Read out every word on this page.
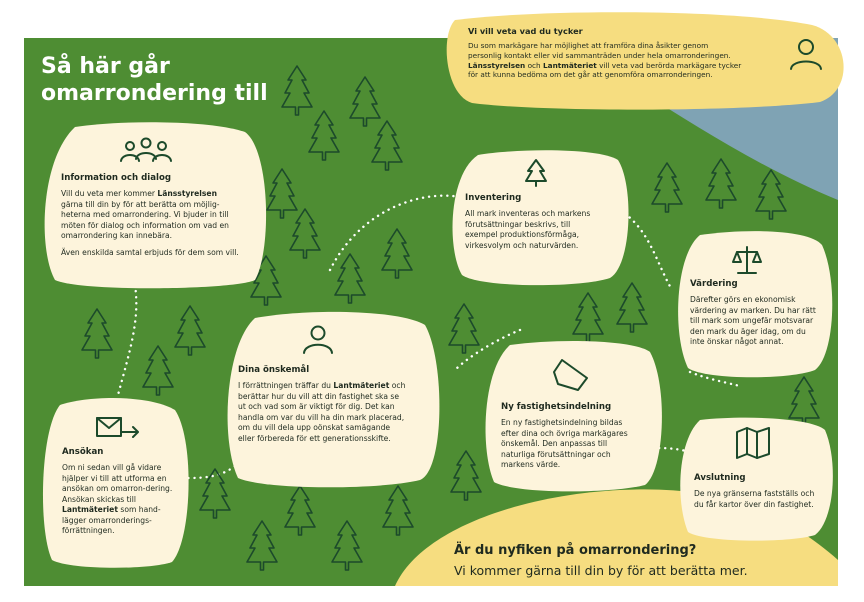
Så här går
omarrondering till
Vi vill veta vad du tycker

Du som markägare har möjlighet att framföra dina åsikter genom
personlig kontakt eller vid sammanträden under hela omarronderingen.
Länsstyrelsen och Lantmäteriet vill veta vad berörda markägare tycker
för att kunna bedöma om det går att genomföra omarronderingen.

Information och dialog

Vill du veta mer kommer Länsstyrelsen gärna till din by för att berätta om möjlig-heterna med omarrondering. Vi bjuder in till möten för dialog och information om vad en omarrondering kan innebära.

Även enskilda samtal erbjuds för dem som vill.

Ansökan

Om ni sedan vill gå vidare hjälper vi till att utforma en ansökan om omarron-dering. Ansökan skickas till Lantmäteriet som hand-lägger omarronderings-förrättningen.

Dina önskemål

I förrättningen träffar du Lantmäteriet och berättar hur du vill att din fastighet ska se ut och vad som är viktigt för dig. Det kan handla om var du vill ha din mark placerad, om du vill dela upp oönskat samägande eller förbereda för ett generationsskifte.

Inventering

All mark inventeras och markens förutsättningar beskrivs, till exempel produktionsförmåga, virkesvolym och naturvärden.

Värdering

Därefter görs en ekonomisk värdering av marken. Du har rätt till mark som ungefär motsvarar den mark du äger idag, om du inte önskar något annat.

Ny fastighetsindelning

En ny fastighetsindelning bildas efter dina och övriga markägares önskemål. Den anpassas till naturliga förutsättningar och markens värde.

Avslutning

De nya gränserna fastställs och du får kartor över din fastighet.

Är du nyfiken på omarrondering?

Vi kommer gärna till din by för att berätta mer.
